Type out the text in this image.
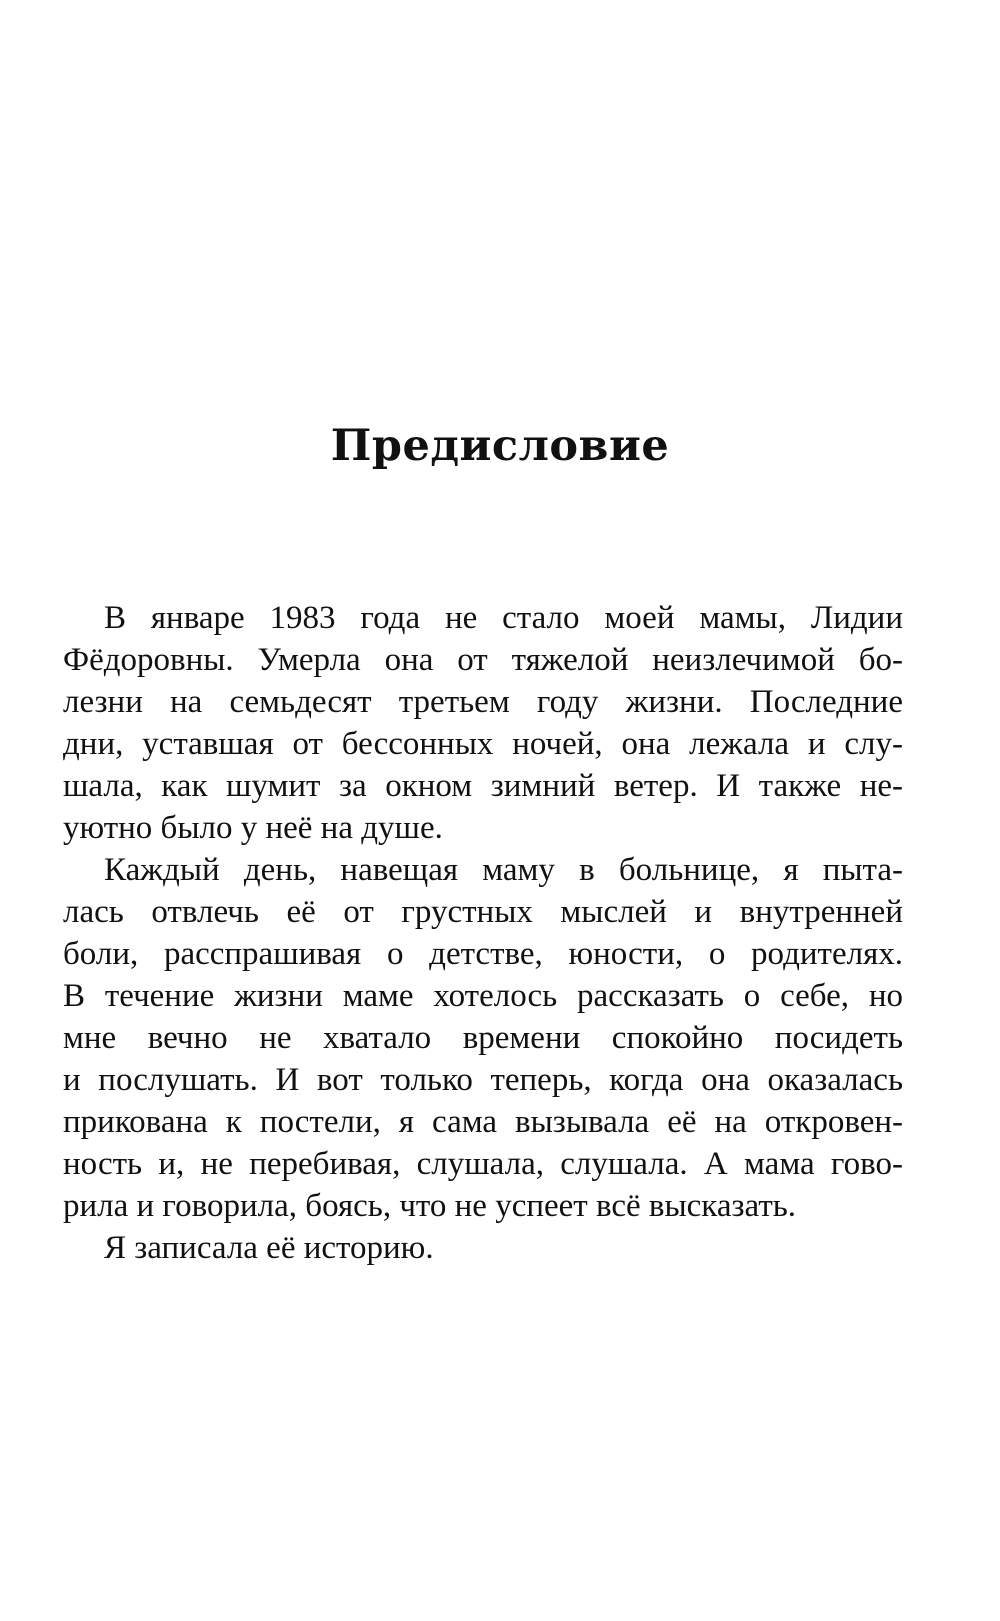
Предисловие
В январе 1983 года не стало моей мамы, Лидии
Фёдоровны. Умерла она от тяжелой неизлечимой бо-
лезни на семьдесят третьем году жизни. Последние
дни, уставшая от бессонных ночей, она лежала и слу-
шала, как шумит за окном зимний ветер. И также не-
уютно было у неё на душе.
Каждый день, навещая маму в больнице, я пыта-
лась отвлечь её от грустных мыслей и внутренней
боли, расспрашивая о детстве, юности, о родителях.
В течение жизни маме хотелось рассказать о себе, но
мне вечно не хватало времени спокойно посидеть
и послушать. И вот только теперь, когда она оказалась
прикована к постели, я сама вызывала её на откровен-
ность и, не перебивая, слушала, слушала. А мама гово-
рила и говорила, боясь, что не успеет всё высказать.
Я записала её историю.
